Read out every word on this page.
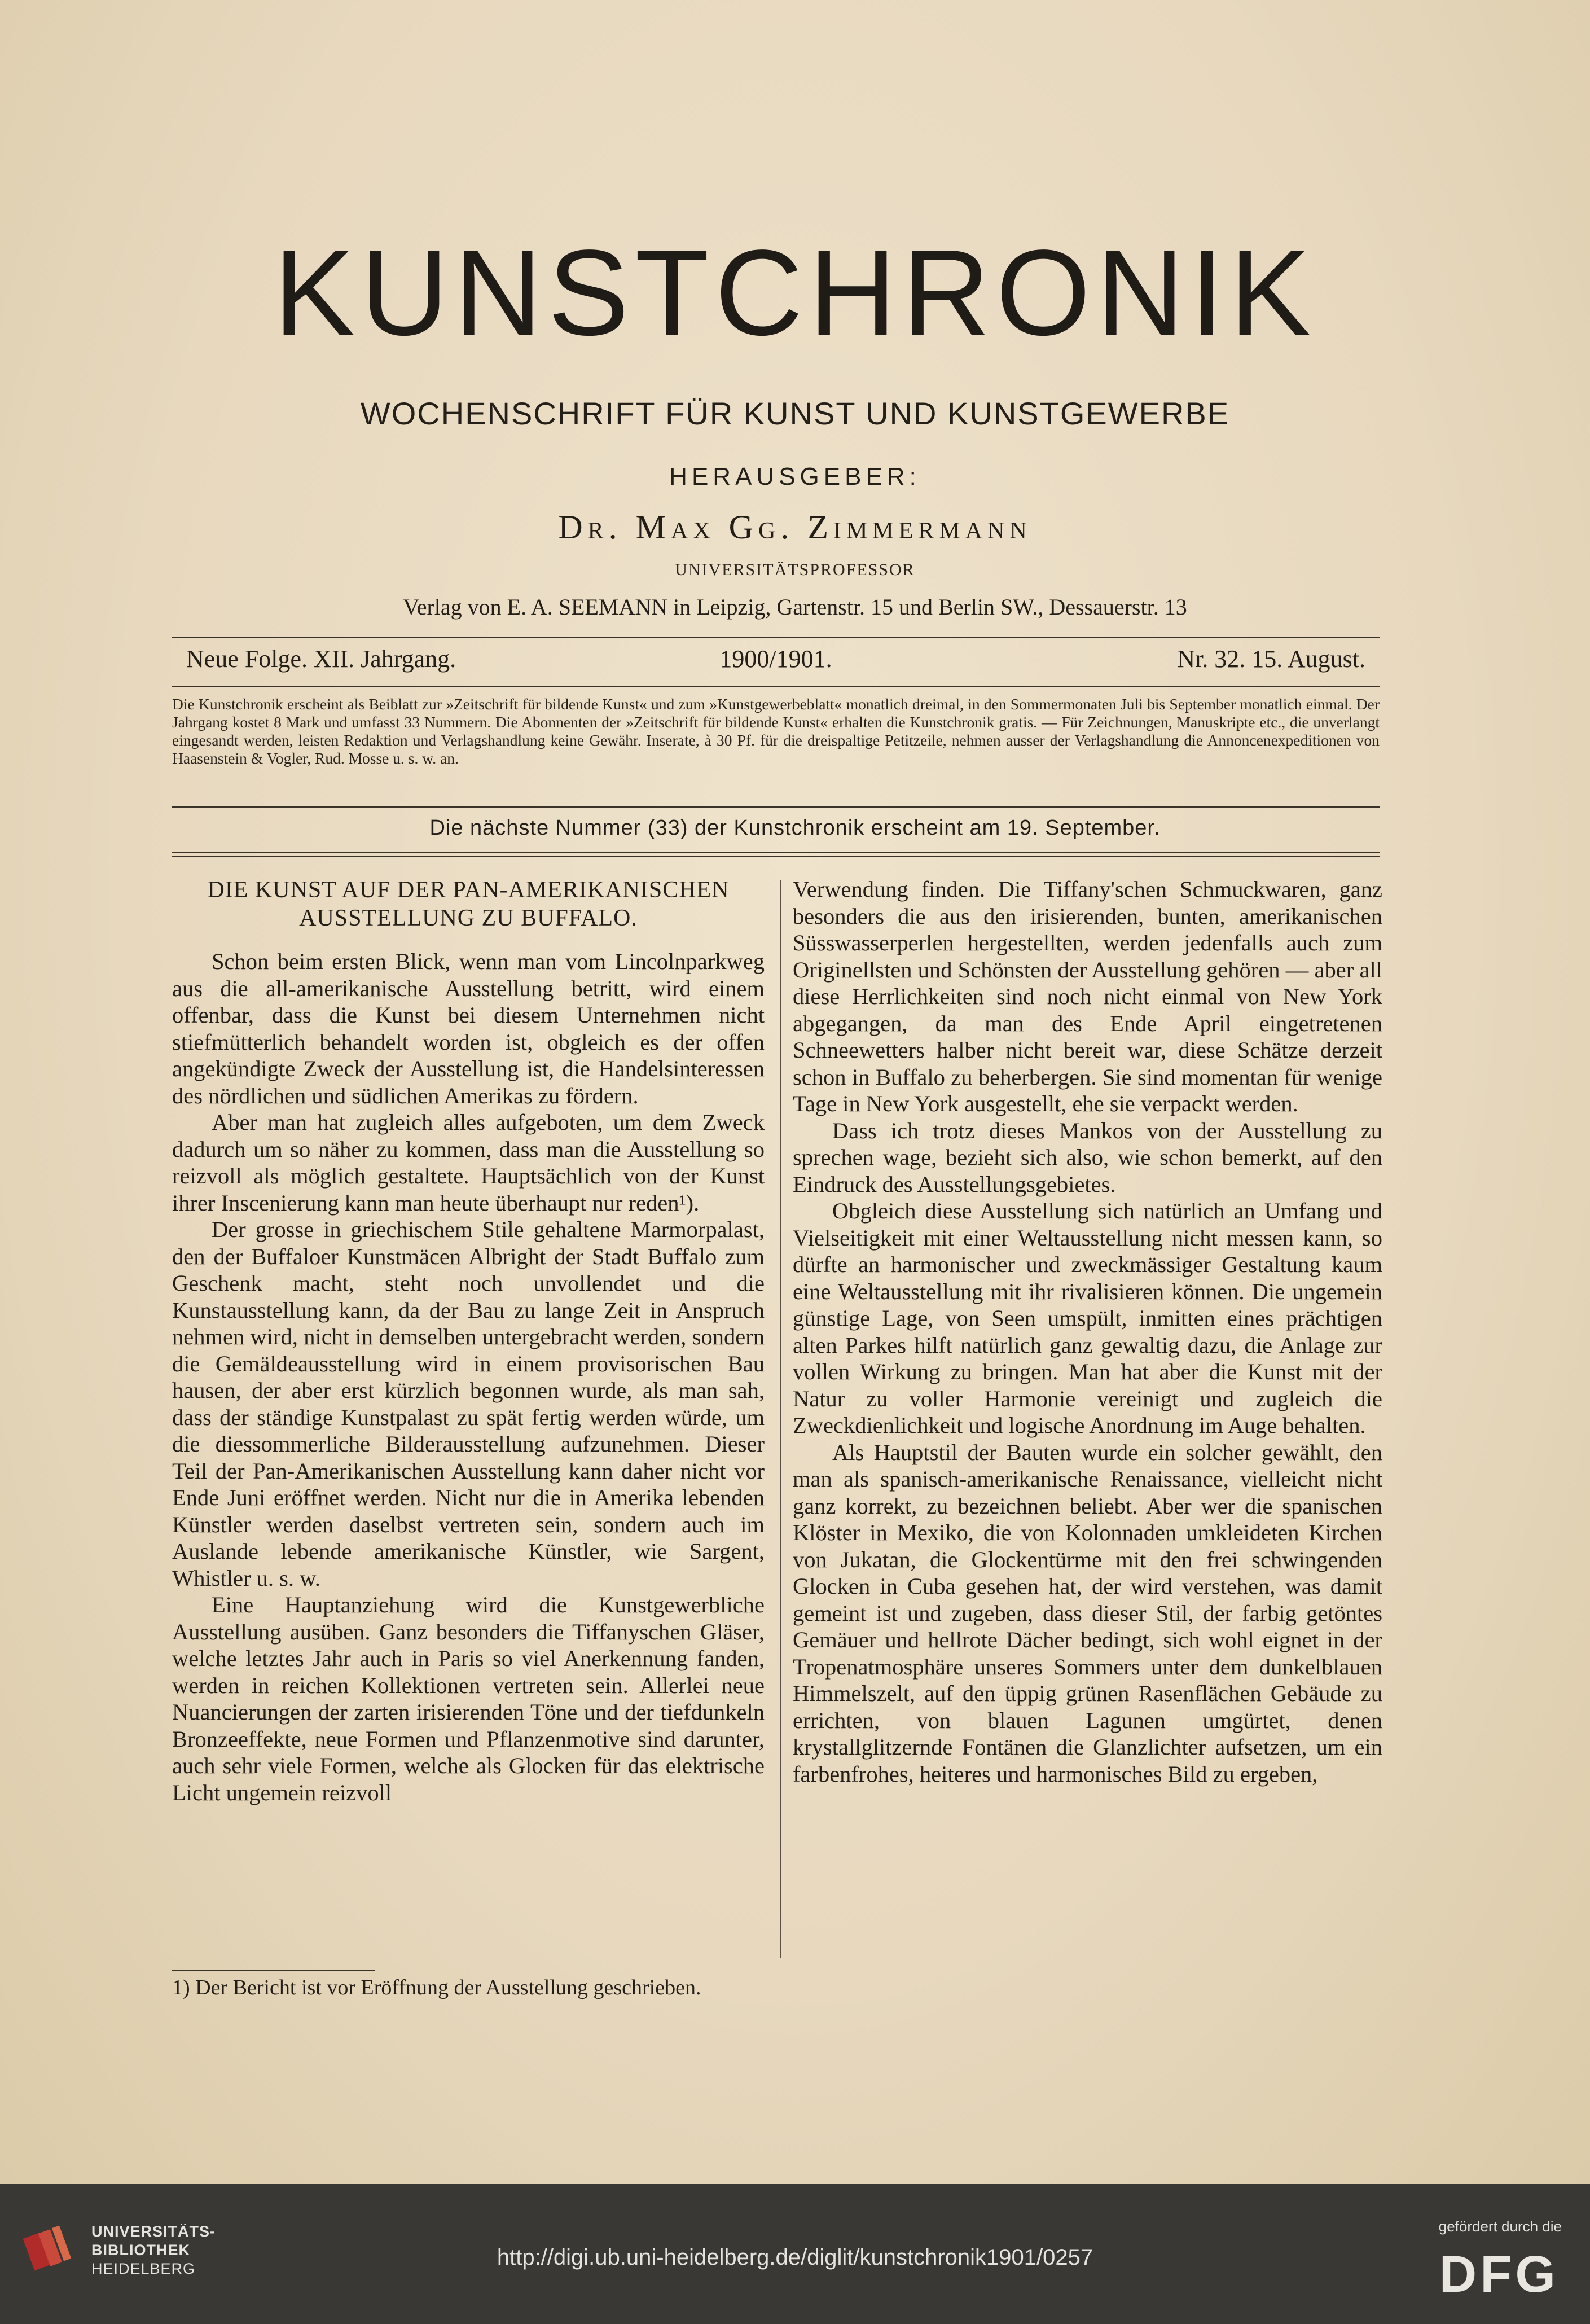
KUNSTCHRONIK
WOCHENSCHRIFT FÜR KUNST UND KUNSTGEWERBE
HERAUSGEBER:
Dr. Max Gg. Zimmermann
UNIVERSITÄTSPROFESSOR
Verlag von E. A. SEEMANN in Leipzig, Gartenstr. 15 und Berlin SW., Dessauerstr. 13
1900/1901.
Neue Folge. XII. Jahrgang.	Nr. 32. 15. August.
Die Kunstchronik erscheint als Beiblatt zur »Zeitschrift für bildende Kunst« und zum »Kunstgewerbeblatt« monatlich dreimal, in den Sommermonaten Juli bis September monatlich einmal. Der Jahrgang kostet 8 Mark und umfasst 33 Nummern. Die Abonnenten der »Zeitschrift für bildende Kunst« erhalten die Kunstchronik gratis. — Für Zeichnungen, Manuskripte etc., die unverlangt eingesandt werden, leisten Redaktion und Verlagshandlung keine Gewähr. Inserate, à 30 Pf. für die dreispaltige Petitzeile, nehmen ausser der Verlagshandlung die Annoncenexpeditionen von Haasenstein & Vogler, Rud. Mosse u. s. w. an.
Die nächste Nummer (33) der Kunstchronik erscheint am 19. September.
DIE KUNST AUF DER PAN-AMERIKANISCHEN
AUSSTELLUNG ZU BUFFALO.

Schon beim ersten Blick, wenn man vom Lincolnparkweg aus die all-amerikanische Ausstellung betritt, wird einem offenbar, dass die Kunst bei diesem Unternehmen nicht stiefmütterlich behandelt worden ist, obgleich es der offen angekündigte Zweck der Ausstellung ist, die Handelsinteressen des nördlichen und südlichen Amerikas zu fördern.

Aber man hat zugleich alles aufgeboten, um dem Zweck dadurch um so näher zu kommen, dass man die Ausstellung so reizvoll als möglich gestaltete. Hauptsächlich von der Kunst ihrer Inscenierung kann man heute überhaupt nur reden¹).

Der grosse in griechischem Stile gehaltene Marmorpalast, den der Buffaloer Kunstmäcen Albright der Stadt Buffalo zum Geschenk macht, steht noch unvollendet und die Kunstausstellung kann, da der Bau zu lange Zeit in Anspruch nehmen wird, nicht in demselben untergebracht werden, sondern die Gemäldeausstellung wird in einem provisorischen Bau hausen, der aber erst kürzlich begonnen wurde, als man sah, dass der ständige Kunstpalast zu spät fertig werden würde, um die diessommerliche Bilderausstellung aufzunehmen. Dieser Teil der Pan-Amerikanischen Ausstellung kann daher nicht vor Ende Juni eröffnet werden. Nicht nur die in Amerika lebenden Künstler werden daselbst vertreten sein, sondern auch im Auslande lebende amerikanische Künstler, wie Sargent, Whistler u. s. w.

Eine Hauptanziehung wird die Kunstgewerbliche Ausstellung ausüben. Ganz besonders die Tiffanyschen Gläser, welche letztes Jahr auch in Paris so viel Anerkennung fanden, werden in reichen Kollektionen vertreten sein. Allerlei neue Nuancierungen der zarten irisierenden Töne und der tiefdunkeln Bronzeeffekte, neue Formen und Pflanzenmotive sind darunter, auch sehr viele Formen, welche als Glocken für das elektrische Licht ungemein reizvoll

Verwendung finden. Die Tiffany'schen Schmuckwaren, ganz besonders die aus den irisierenden, bunten, amerikanischen Süsswasserperlen hergestellten, werden jedenfalls auch zum Originellsten und Schönsten der Ausstellung gehören — aber all diese Herrlichkeiten sind noch nicht einmal von New York abgegangen, da man des Ende April eingetretenen Schneewetters halber nicht bereit war, diese Schätze derzeit schon in Buffalo zu beherbergen. Sie sind momentan für wenige Tage in New York ausgestellt, ehe sie verpackt werden.

Dass ich trotz dieses Mankos von der Ausstellung zu sprechen wage, bezieht sich also, wie schon bemerkt, auf den Eindruck des Ausstellungsgebietes.

Obgleich diese Ausstellung sich natürlich an Umfang und Vielseitigkeit mit einer Weltausstellung nicht messen kann, so dürfte an harmonischer und zweckmässiger Gestaltung kaum eine Weltausstellung mit ihr rivalisieren können. Die ungemein günstige Lage, von Seen umspült, inmitten eines prächtigen alten Parkes hilft natürlich ganz gewaltig dazu, die Anlage zur vollen Wirkung zu bringen. Man hat aber die Kunst mit der Natur zu voller Harmonie vereinigt und zugleich die Zweckdienlichkeit und logische Anordnung im Auge behalten.

Als Hauptstil der Bauten wurde ein solcher gewählt, den man als spanisch-amerikanische Renaissance, vielleicht nicht ganz korrekt, zu bezeichnen beliebt. Aber wer die spanischen Klöster in Mexiko, die von Kolonnaden umkleideten Kirchen von Jukatan, die Glockentürme mit den frei schwingenden Glocken in Cuba gesehen hat, der wird verstehen, was damit gemeint ist und zugeben, dass dieser Stil, der farbig getöntes Gemäuer und hellrote Dächer bedingt, sich wohl eignet in der Tropenatmosphäre unseres Sommers unter dem dunkelblauen Himmelszelt, auf den üppig grünen Rasenflächen Gebäude zu errichten, von blauen Lagunen umgürtet, denen krystallglitzernde Fontänen die Glanzlichter aufsetzen, um ein farbenfrohes, heiteres und harmonisches Bild zu ergeben,

1) Der Bericht ist vor Eröffnung der Ausstellung geschrieben.
UNIVERSITÄTS-
BIBLIOTHEK
HEIDELBERG	http://digi.ub.uni-heidelberg.de/diglit/kunstchronik1901/0257
gefördert durch die
DFG
